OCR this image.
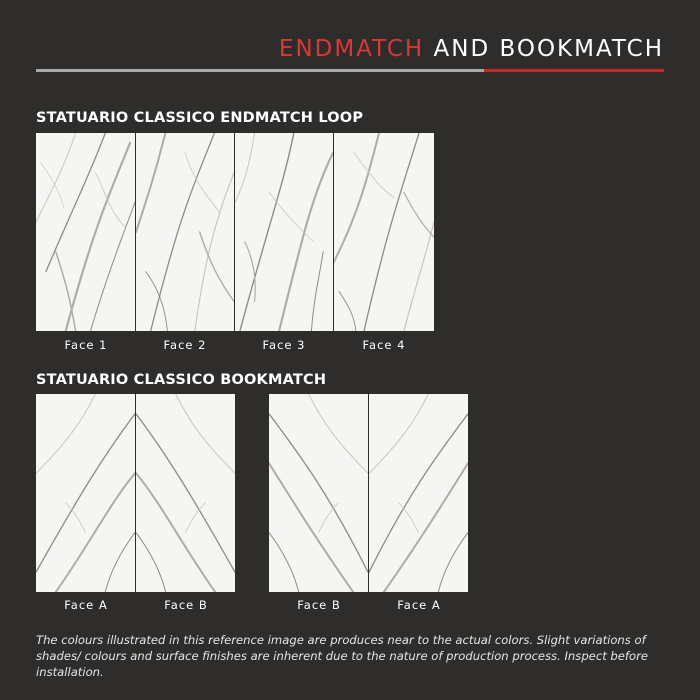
ENDMATCH AND BOOKMATCH
STATUARIO CLASSICO ENDMATCH LOOP
Face 1	Face 2	Face 3	Face 4
STATUARIO CLASSICO BOOKMATCH
Face A	Face B	Face B	Face A
The colours illustrated in this reference image are produces near to the actual colors. Slight variations of shades/ colours and surface finishes are inherent due to the nature of production process. Inspect before installation.
